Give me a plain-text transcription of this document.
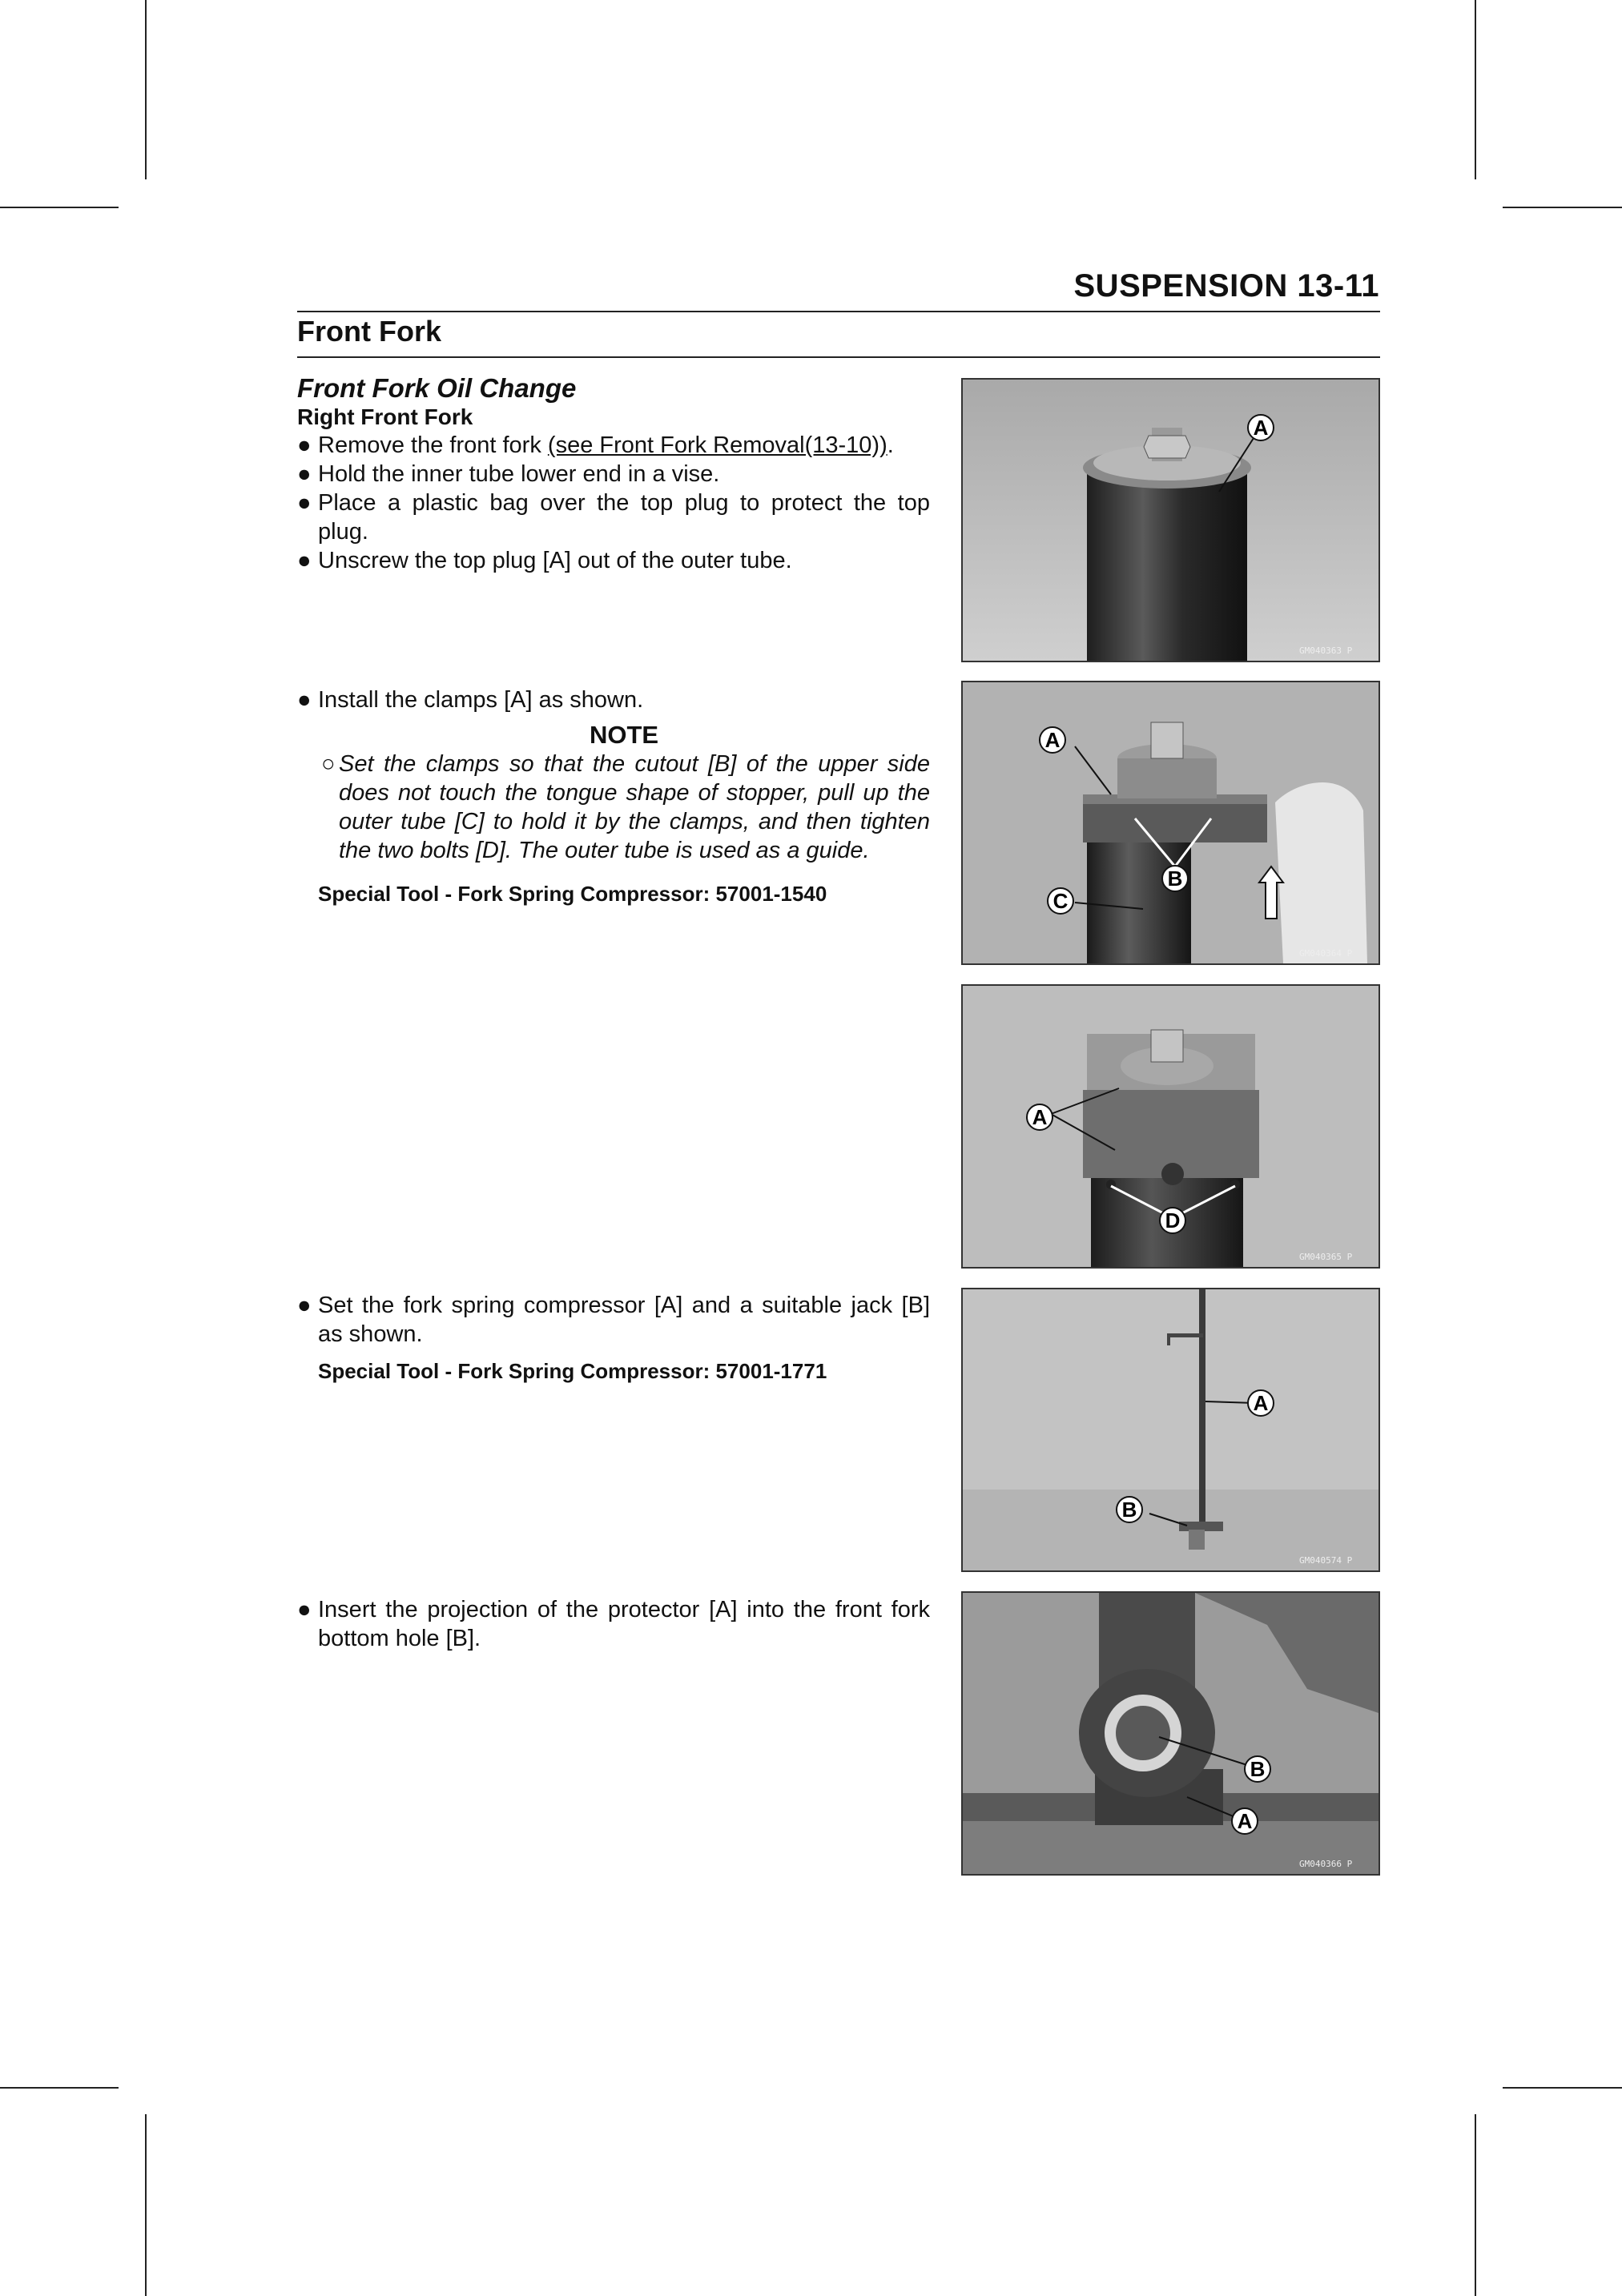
SUSPENSION 13-11
Front Fork
Front Fork Oil Change
Right Front Fork
● Remove the front fork (see Front Fork Removal(13-10)).
● Hold the inner tube lower end in a vise.
● Place a plastic bag over the top plug to protect the top plug.
● Unscrew the top plug [A] out of the outer tube.
● Install the clamps [A] as shown.
NOTE
○ Set the clamps so that the cutout [B] of the upper side does not touch the tongue shape of stopper, pull up the outer tube [C] to hold it by the clamps, and then tighten the two bolts [D]. The outer tube is used as a guide.
Special Tool - Fork Spring Compressor: 57001-1540
● Set the fork spring compressor [A] and a suitable jack [B] as shown.
Special Tool - Fork Spring Compressor: 57001-1771
● Insert the projection of the protector [A] into the front fork bottom hole [B].
A
GM040363 P
A
B
C
GM040364 P
A
D
GM040365 P
A
B
GM040574 P
B
A
GM040366 P
